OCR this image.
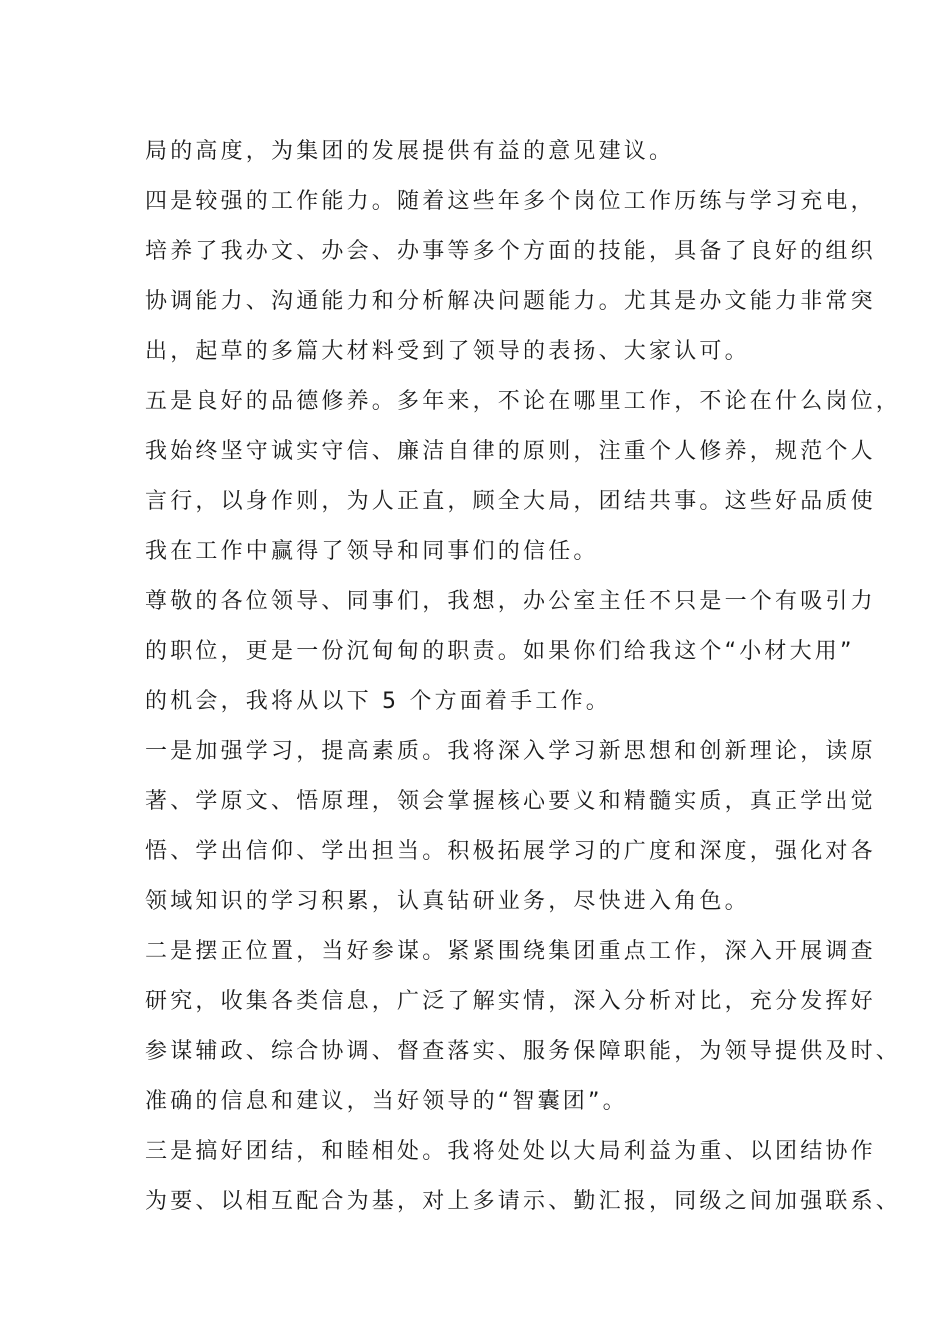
局的高度，为集团的发展提供有益的意见建议。
四是较强的工作能力。随着这些年多个岗位工作历练与学习充电，
培养了我办文、办会、办事等多个方面的技能，具备了良好的组织
协调能力、沟通能力和分析解决问题能力。尤其是办文能力非常突
出，起草的多篇大材料受到了领导的表扬、大家认可。
五是良好的品德修养。多年来，不论在哪里工作，不论在什么岗位，
我始终坚守诚实守信、廉洁自律的原则，注重个人修养，规范个人
言行，以身作则，为人正直，顾全大局，团结共事。这些好品质使
我在工作中赢得了领导和同事们的信任。
尊敬的各位领导、同事们，我想，办公室主任不只是一个有吸引力
的职位，更是一份沉甸甸的职责。如果你们给我这个“小材大用”
的机会，我将从以下 5 个方面着手工作。
一是加强学习，提高素质。我将深入学习新思想和创新理论，读原
著、学原文、悟原理，领会掌握核心要义和精髓实质，真正学出觉
悟、学出信仰、学出担当。积极拓展学习的广度和深度，强化对各
领域知识的学习积累，认真钻研业务，尽快进入角色。
二是摆正位置，当好参谋。紧紧围绕集团重点工作，深入开展调查
研究，收集各类信息，广泛了解实情，深入分析对比，充分发挥好
参谋辅政、综合协调、督查落实、服务保障职能，为领导提供及时、
准确的信息和建议，当好领导的“智囊团”。
三是搞好团结，和睦相处。我将处处以大局利益为重、以团结协作
为要、以相互配合为基，对上多请示、勤汇报，同级之间加强联系、
